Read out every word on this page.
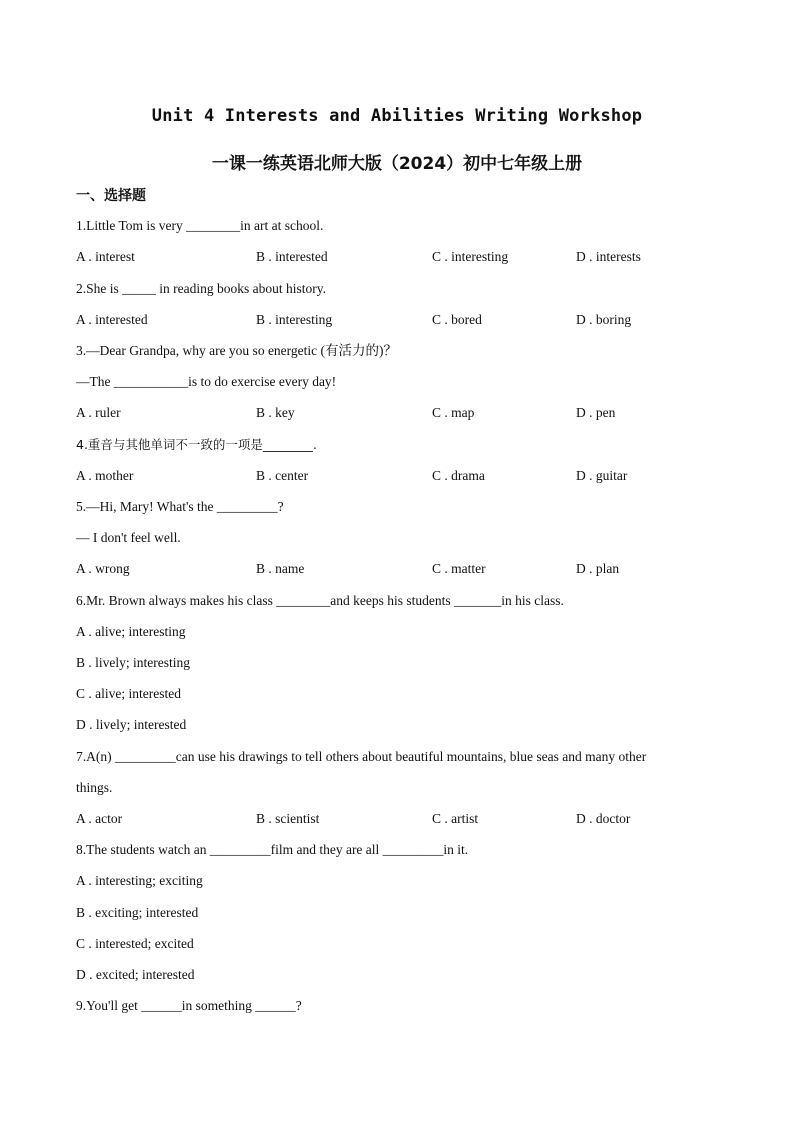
Unit 4 Interests and Abilities Writing Workshop
一课一练英语北师大版（2024）初中七年级上册
一、选择题
1.Little Tom is very ________in art at school.
A . interest	B . interested	C . interesting	D . interests
2.She is _____ in reading books about history.
A . interested	B . interesting	C . bored	D . boring
3.—Dear Grandpa, why are you so energetic (有活力的)？
—The ___________is to do exercise every day!
A . ruler	B . key	C . map	D . pen
4.重音与其他单词不一致的一项是________.
A . mother	B . center	C . drama	D . guitar
5.—Hi, Mary! What's the _________?
— I don't feel well.
A . wrong	B . name	C . matter	D . plan
6.Mr. Brown always makes his class ________and keeps his students _______in his class.
A . alive; interesting
B . lively; interesting
C . alive; interested
D . lively; interested
7.A(n) _________can use his drawings to tell others about beautiful mountains, blue seas and many other
things.
A . actor	B . scientist	C . artist	D . doctor
8.The students watch an _________film and they are all _________in it.
A . interesting; exciting
B . exciting; interested
C . interested; excited
D . excited; interested
9.You'll get ______in something ______?
